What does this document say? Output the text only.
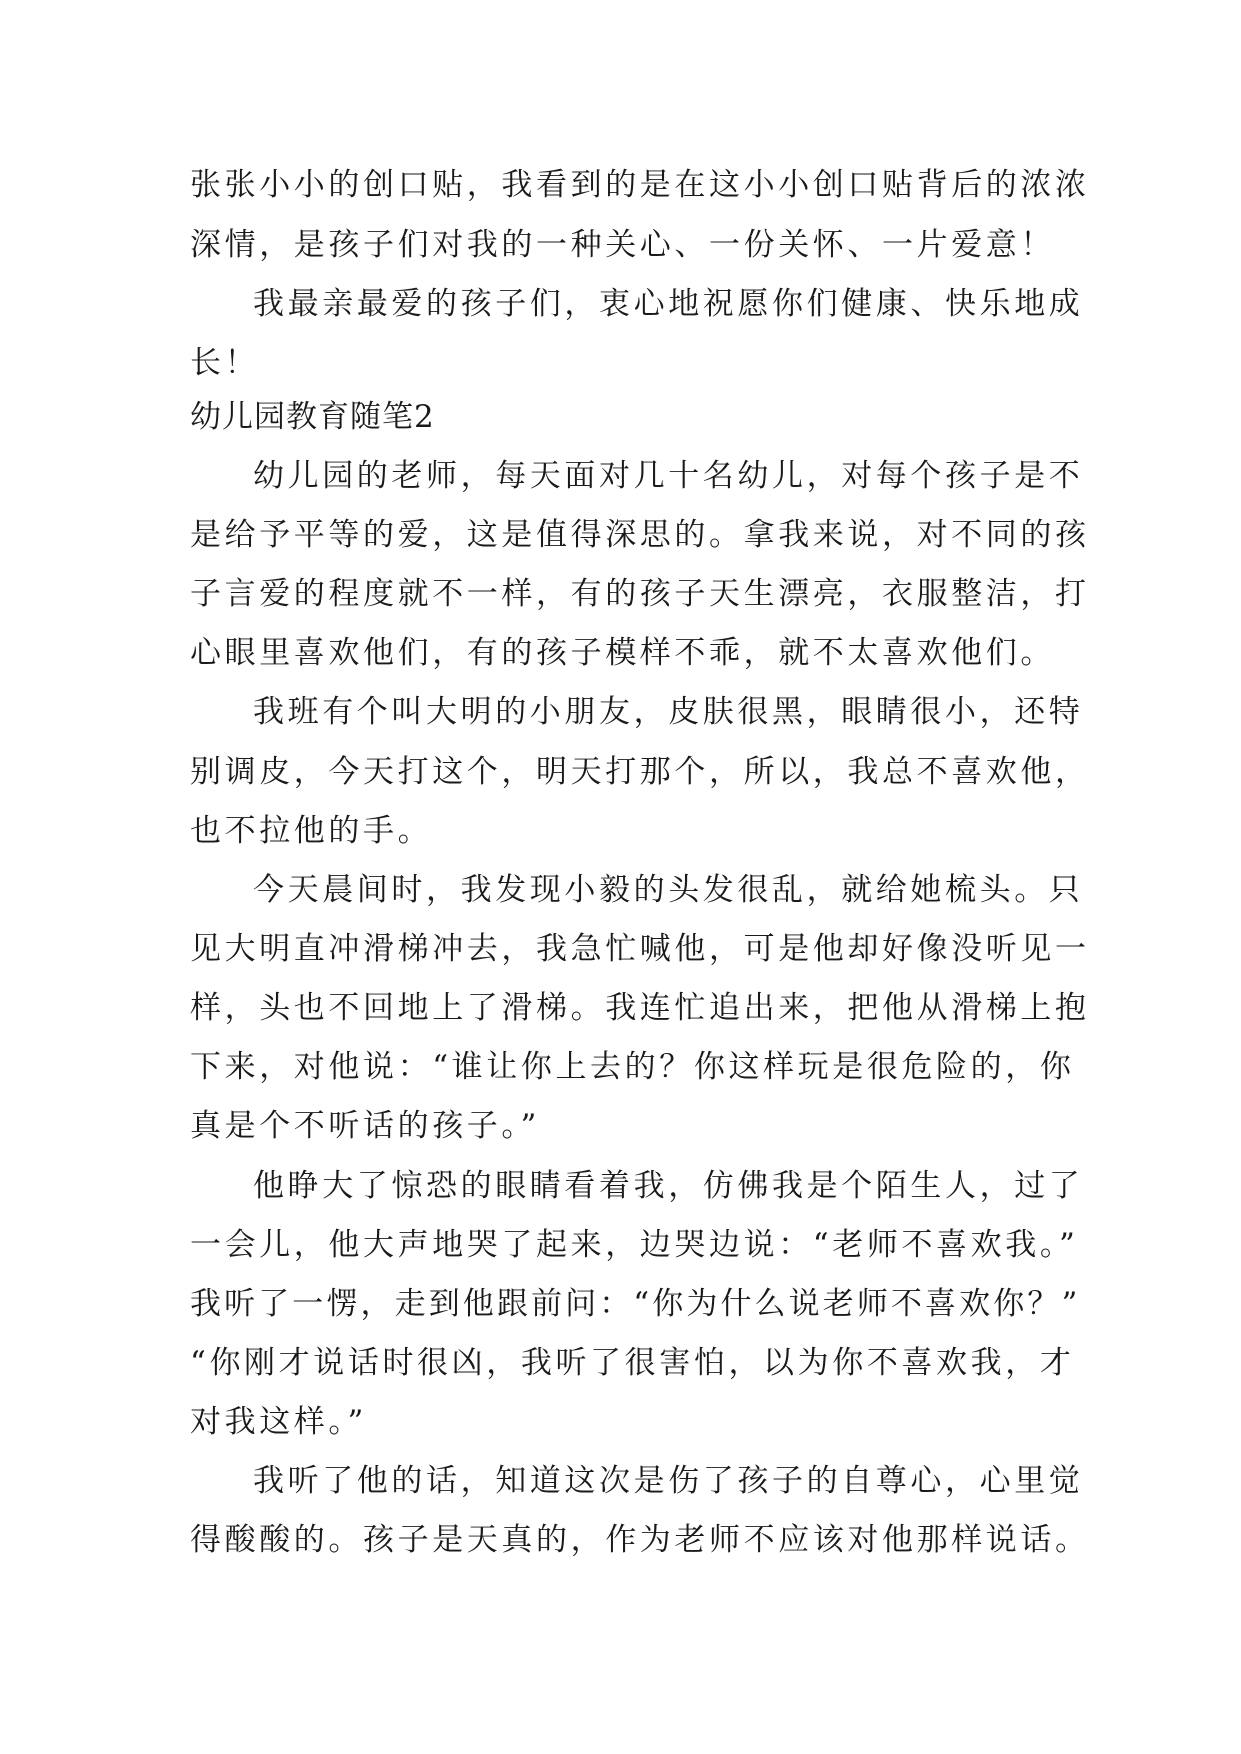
张张小小的创口贴，我看到的是在这小小创口贴背后的浓浓
深情，是孩子们对我的一种关心、一份关怀、一片爱意！
我最亲最爱的孩子们，衷心地祝愿你们健康、快乐地成
长！
幼儿园教育随笔2
幼儿园的老师，每天面对几十名幼儿，对每个孩子是不
是给予平等的爱，这是值得深思的。拿我来说，对不同的孩
子言爱的程度就不一样，有的孩子天生漂亮，衣服整洁，打
心眼里喜欢他们，有的孩子模样不乖，就不太喜欢他们。
我班有个叫大明的小朋友，皮肤很黑，眼睛很小，还特
别调皮，今天打这个，明天打那个，所以，我总不喜欢他，
也不拉他的手。
今天晨间时，我发现小毅的头发很乱，就给她梳头。只
见大明直冲滑梯冲去，我急忙喊他，可是他却好像没听见一
样，头也不回地上了滑梯。我连忙追出来，把他从滑梯上抱
下来，对他说：“谁让你上去的？你这样玩是很危险的，你
真是个不听话的孩子。”
他睁大了惊恐的眼睛看着我，仿佛我是个陌生人，过了
一会儿，他大声地哭了起来，边哭边说：“老师不喜欢我。”
我听了一愣，走到他跟前问：“你为什么说老师不喜欢你？”
“你刚才说话时很凶，我听了很害怕，以为你不喜欢我，才
对我这样。”
我听了他的话，知道这次是伤了孩子的自尊心，心里觉
得酸酸的。孩子是天真的，作为老师不应该对他那样说话。
